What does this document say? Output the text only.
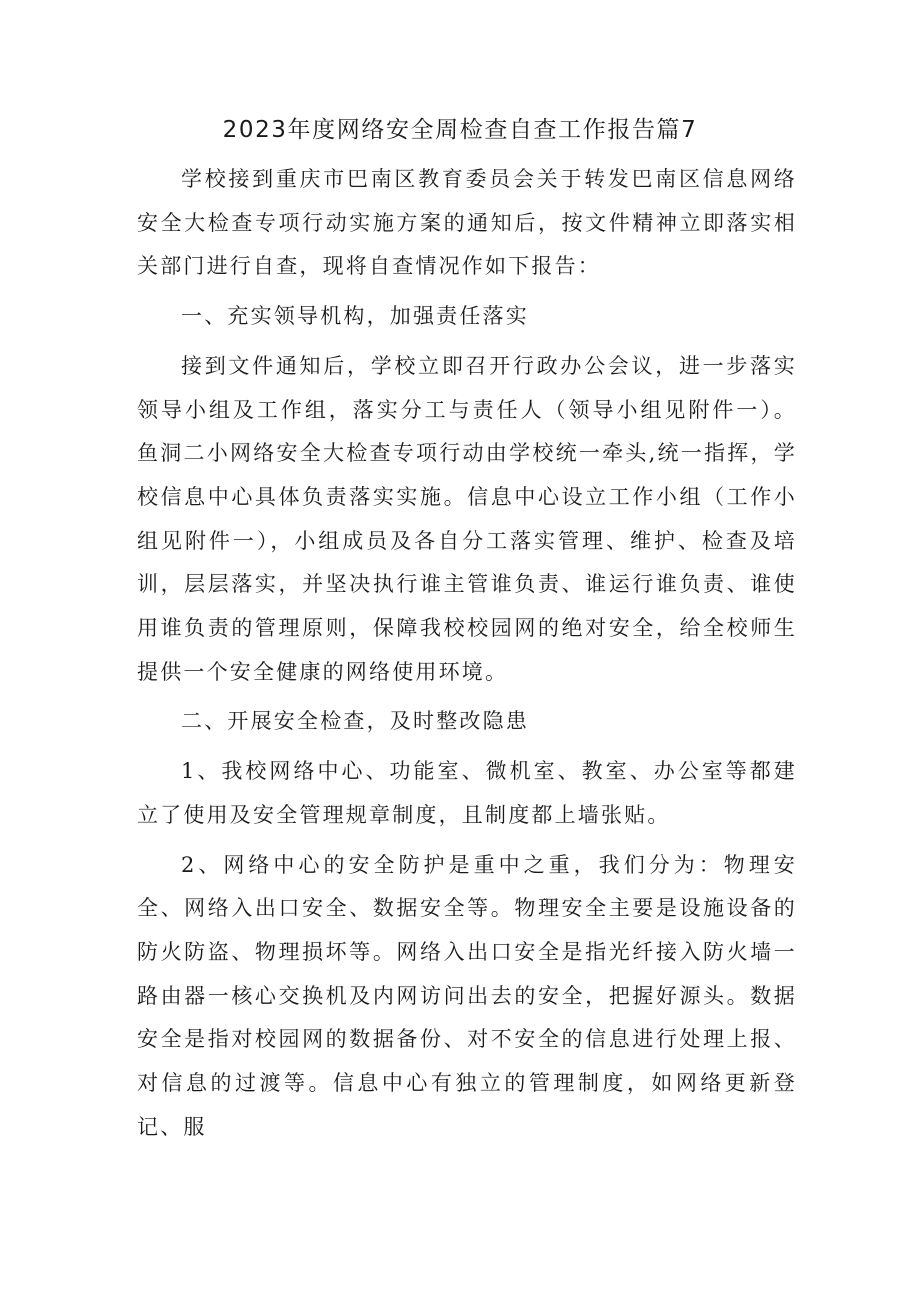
2023年度网络安全周检查自查工作报告篇7

学校接到重庆市巴南区教育委员会关于转发巴南区信息网络安全大检查专项行动实施方案的通知后，按文件精神立即落实相关部门进行自查，现将自查情况作如下报告：

一、充实领导机构，加强责任落实

接到文件通知后，学校立即召开行政办公会议，进一步落实领导小组及工作组，落实分工与责任人（领导小组见附件一）。鱼洞二小网络安全大检查专项行动由学校统一牵头,统一指挥，学校信息中心具体负责落实实施。信息中心设立工作小组（工作小组见附件一），小组成员及各自分工落实管理、维护、检查及培训，层层落实，并坚决执行谁主管谁负责、谁运行谁负责、谁使用谁负责的管理原则，保障我校校园网的绝对安全，给全校师生提供一个安全健康的网络使用环境。

二、开展安全检查，及时整改隐患

1、我校网络中心、功能室、微机室、教室、办公室等都建立了使用及安全管理规章制度，且制度都上墙张贴。

2、网络中心的安全防护是重中之重，我们分为：物理安全、网络入出口安全、数据安全等。物理安全主要是设施设备的防火防盗、物理损坏等。网络入出口安全是指光纤接入防火墙一路由器一核心交换机及内网访问出去的安全，把握好源头。数据安全是指对校园网的数据备份、对不安全的信息进行处理上报、对信息的过渡等。信息中心有独立的管理制度，如网络更新登记、服
